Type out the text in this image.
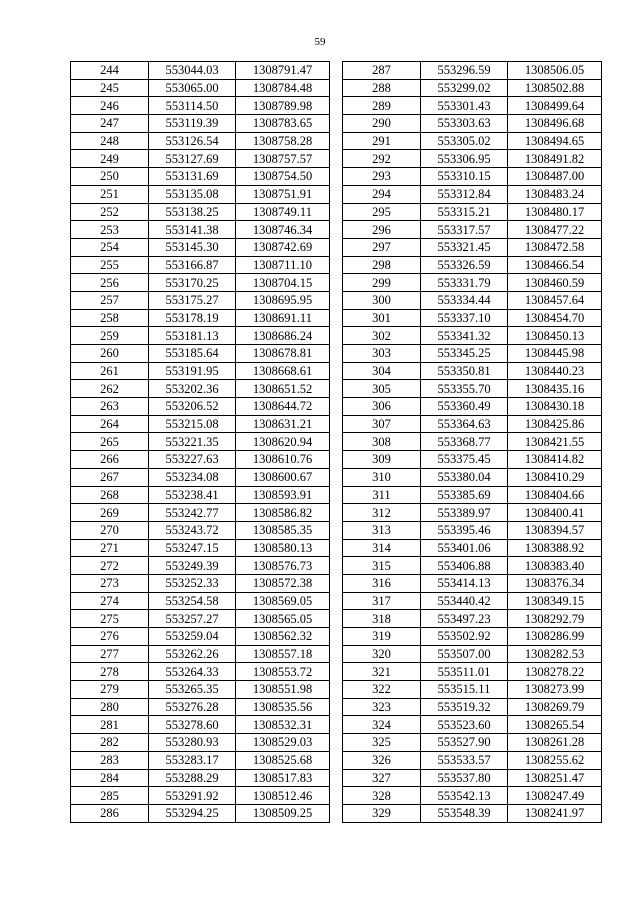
59
244	553044.03	1308791.47
245	553065.00	1308784.48
246	553114.50	1308789.98
247	553119.39	1308783.65
248	553126.54	1308758.28
249	553127.69	1308757.57
250	553131.69	1308754.50
251	553135.08	1308751.91
252	553138.25	1308749.11
253	553141.38	1308746.34
254	553145.30	1308742.69
255	553166.87	1308711.10
256	553170.25	1308704.15
257	553175.27	1308695.95
258	553178.19	1308691.11
259	553181.13	1308686.24
260	553185.64	1308678.81
261	553191.95	1308668.61
262	553202.36	1308651.52
263	553206.52	1308644.72
264	553215.08	1308631.21
265	553221.35	1308620.94
266	553227.63	1308610.76
267	553234.08	1308600.67
268	553238.41	1308593.91
269	553242.77	1308586.82
270	553243.72	1308585.35
271	553247.15	1308580.13
272	553249.39	1308576.73
273	553252.33	1308572.38
274	553254.58	1308569.05
275	553257.27	1308565.05
276	553259.04	1308562.32
277	553262.26	1308557.18
278	553264.33	1308553.72
279	553265.35	1308551.98
280	553276.28	1308535.56
281	553278.60	1308532.31
282	553280.93	1308529.03
283	553283.17	1308525.68
284	553288.29	1308517.83
285	553291.92	1308512.46
286	553294.25	1308509.25
287	553296.59	1308506.05
288	553299.02	1308502.88
289	553301.43	1308499.64
290	553303.63	1308496.68
291	553305.02	1308494.65
292	553306.95	1308491.82
293	553310.15	1308487.00
294	553312.84	1308483.24
295	553315.21	1308480.17
296	553317.57	1308477.22
297	553321.45	1308472.58
298	553326.59	1308466.54
299	553331.79	1308460.59
300	553334.44	1308457.64
301	553337.10	1308454.70
302	553341.32	1308450.13
303	553345.25	1308445.98
304	553350.81	1308440.23
305	553355.70	1308435.16
306	553360.49	1308430.18
307	553364.63	1308425.86
308	553368.77	1308421.55
309	553375.45	1308414.82
310	553380.04	1308410.29
311	553385.69	1308404.66
312	553389.97	1308400.41
313	553395.46	1308394.57
314	553401.06	1308388.92
315	553406.88	1308383.40
316	553414.13	1308376.34
317	553440.42	1308349.15
318	553497.23	1308292.79
319	553502.92	1308286.99
320	553507.00	1308282.53
321	553511.01	1308278.22
322	553515.11	1308273.99
323	553519.32	1308269.79
324	553523.60	1308265.54
325	553527.90	1308261.28
326	553533.57	1308255.62
327	553537.80	1308251.47
328	553542.13	1308247.49
329	553548.39	1308241.97
